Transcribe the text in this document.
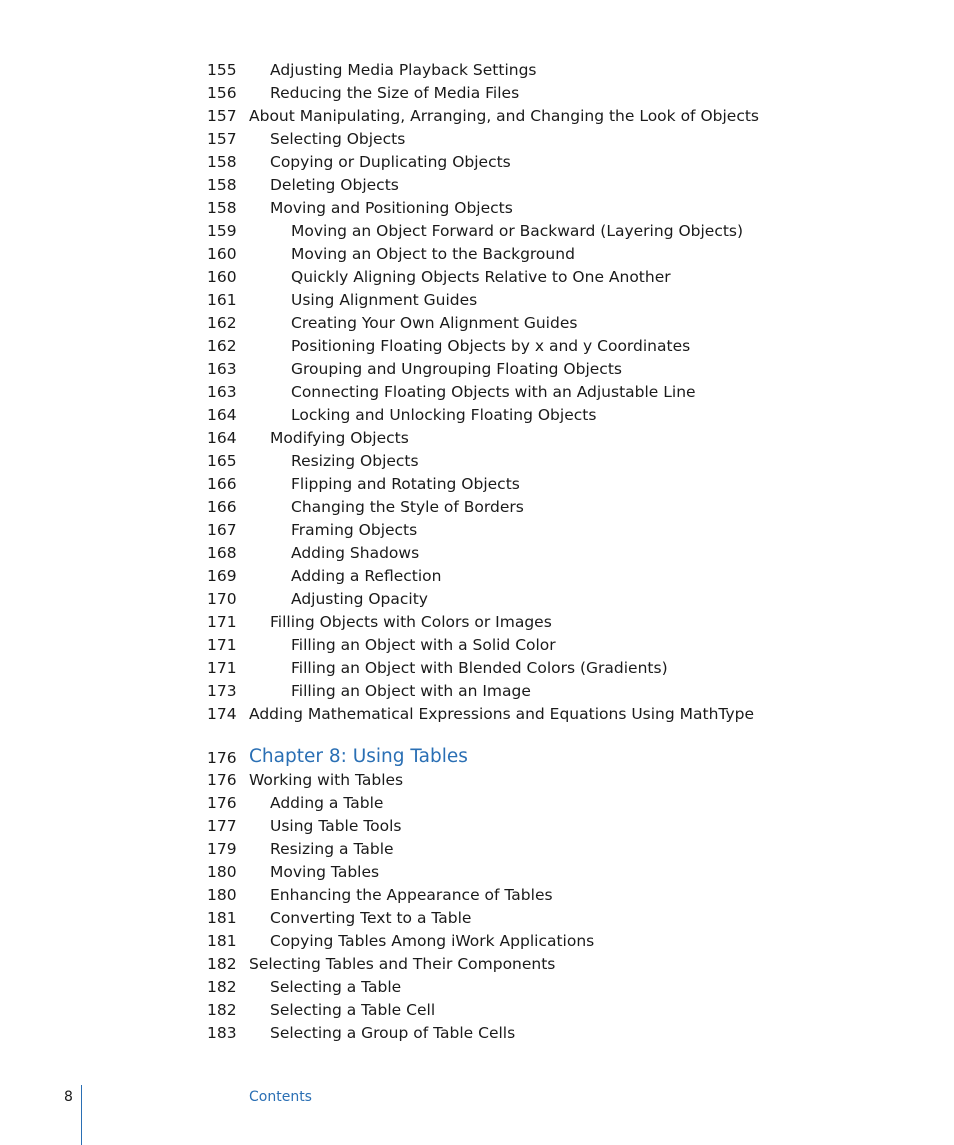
155 Adjusting Media Playback Settings
156 Reducing the Size of Media Files
157 About Manipulating, Arranging, and Changing the Look of Objects
157 Selecting Objects
158 Copying or Duplicating Objects
158 Deleting Objects
158 Moving and Positioning Objects
159	Moving an Object Forward or Backward (Layering Objects)
160	Moving an Object to the Background
160	Quickly Aligning Objects Relative to One Another
161	Using Alignment Guides
162	Creating Your Own Alignment Guides
162	Positioning Floating Objects by x and y Coordinates
163	Grouping and Ungrouping Floating Objects
163	Connecting Floating Objects with an Adjustable Line
164	Locking and Unlocking Floating Objects
164 Modifying Objects
165	Resizing Objects
166	Flipping and Rotating Objects
166	Changing the Style of Borders
167	Framing Objects
168	Adding Shadows
169	Adding a Reflection
170	Adjusting Opacity
171 Filling Objects with Colors or Images
171	Filling an Object with a Solid Color
171	Filling an Object with Blended Colors (Gradients)
173	Filling an Object with an Image
174 Adding Mathematical Expressions and Equations Using MathType
176 Chapter 8: Using Tables
176 Working with Tables
176 Adding a Table
177 Using Table Tools
179 Resizing a Table
180 Moving Tables
180 Enhancing the Appearance of Tables
181 Converting Text to a Table
181 Copying Tables Among iWork Applications
182 Selecting Tables and Their Components
182 Selecting a Table
182 Selecting a Table Cell
183 Selecting a Group of Table Cells
8	Contents
